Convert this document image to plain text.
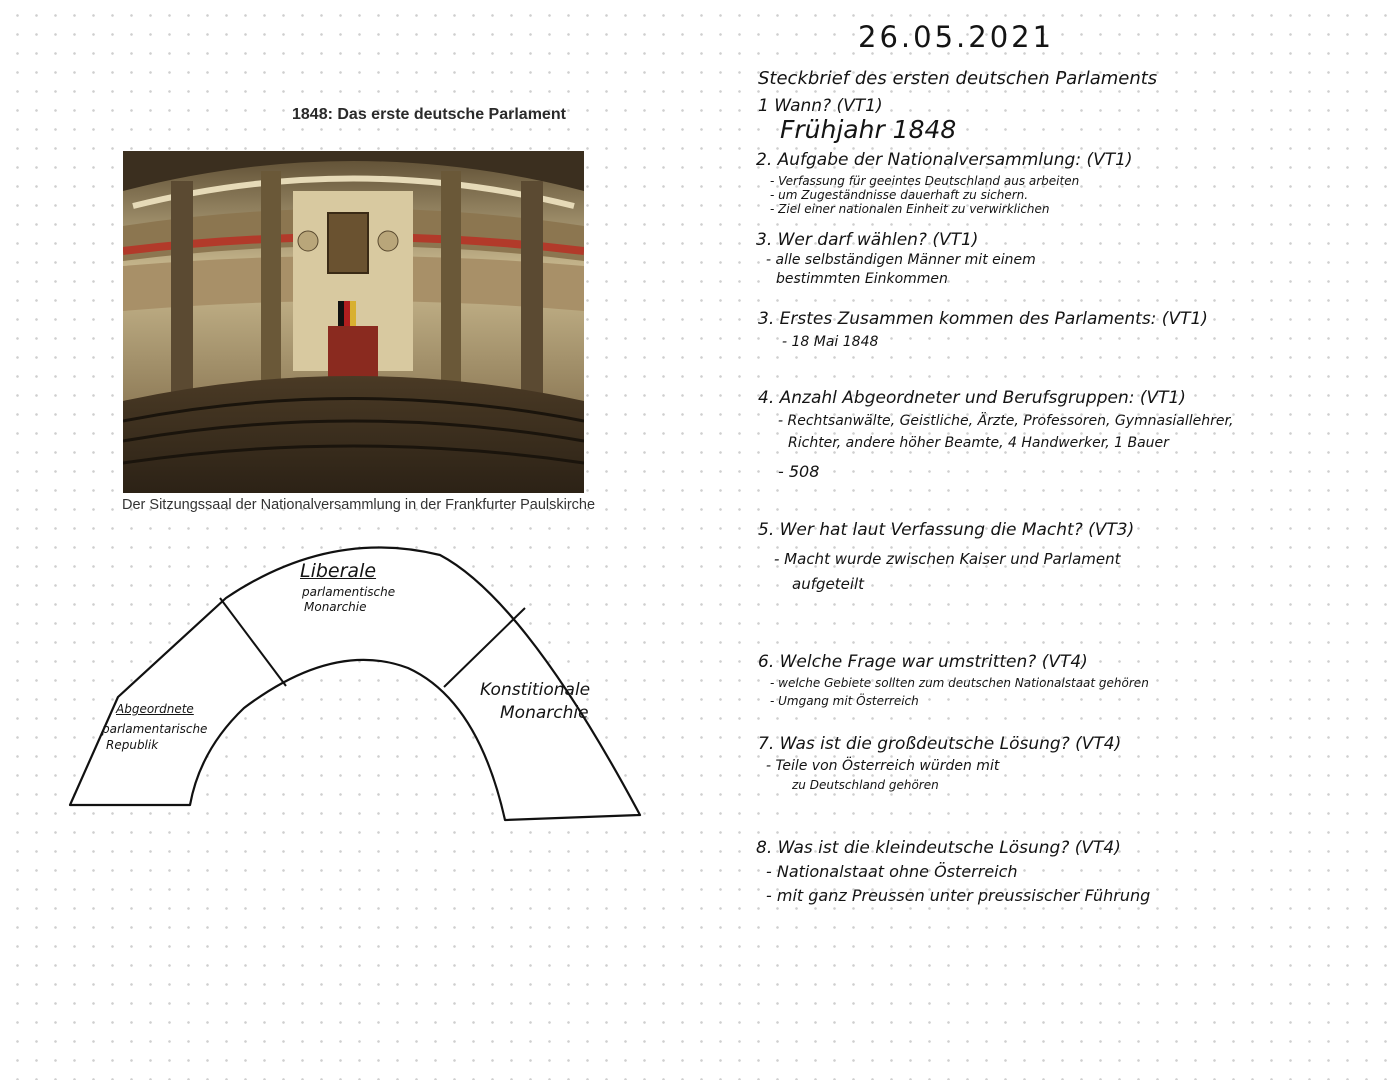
1848: Das erste deutsche Parlament
Der Sitzungssaal der Nationalversammlung in der Frankfurter Paulskirche
Liberale
parlamentische
Monarchie
Abgeordnete
parlamentarische
Republik
Konstitionale
Monarchie
26.05.2021
Steckbrief des ersten deutschen Parlaments
1 Wann? (VT1)
Frühjahr 1848
2. Aufgabe der Nationalversammlung: (VT1)
- Verfassung für geeintes Deutschland aus arbeiten
- um Zugeständnisse dauerhaft zu sichern.
- Ziel einer nationalen Einheit zu verwirklichen
3. Wer darf wählen? (VT1)
- alle selbständigen Männer mit einem
bestimmten Einkommen
3. Erstes Zusammen kommen des Parlaments: (VT1)
- 18 Mai 1848
4. Anzahl Abgeordneter und Berufsgruppen: (VT1)
- Rechtsanwälte, Geistliche, Ärzte, Professoren, Gymnasiallehrer,
Richter, andere höher Beamte, 4 Handwerker, 1 Bauer
- 508
5. Wer hat laut Verfassung die Macht? (VT3)
- Macht wurde zwischen Kaiser und Parlament
aufgeteilt
6. Welche Frage war umstritten? (VT4)
- welche Gebiete sollten zum deutschen Nationalstaat gehören
- Umgang mit Österreich
7. Was ist die großdeutsche Lösung? (VT4)
- Teile von Österreich würden mit
zu Deutschland gehören
8. Was ist die kleindeutsche Lösung? (VT4)
- Nationalstaat ohne Österreich
- mit ganz Preussen unter preussischer Führung
